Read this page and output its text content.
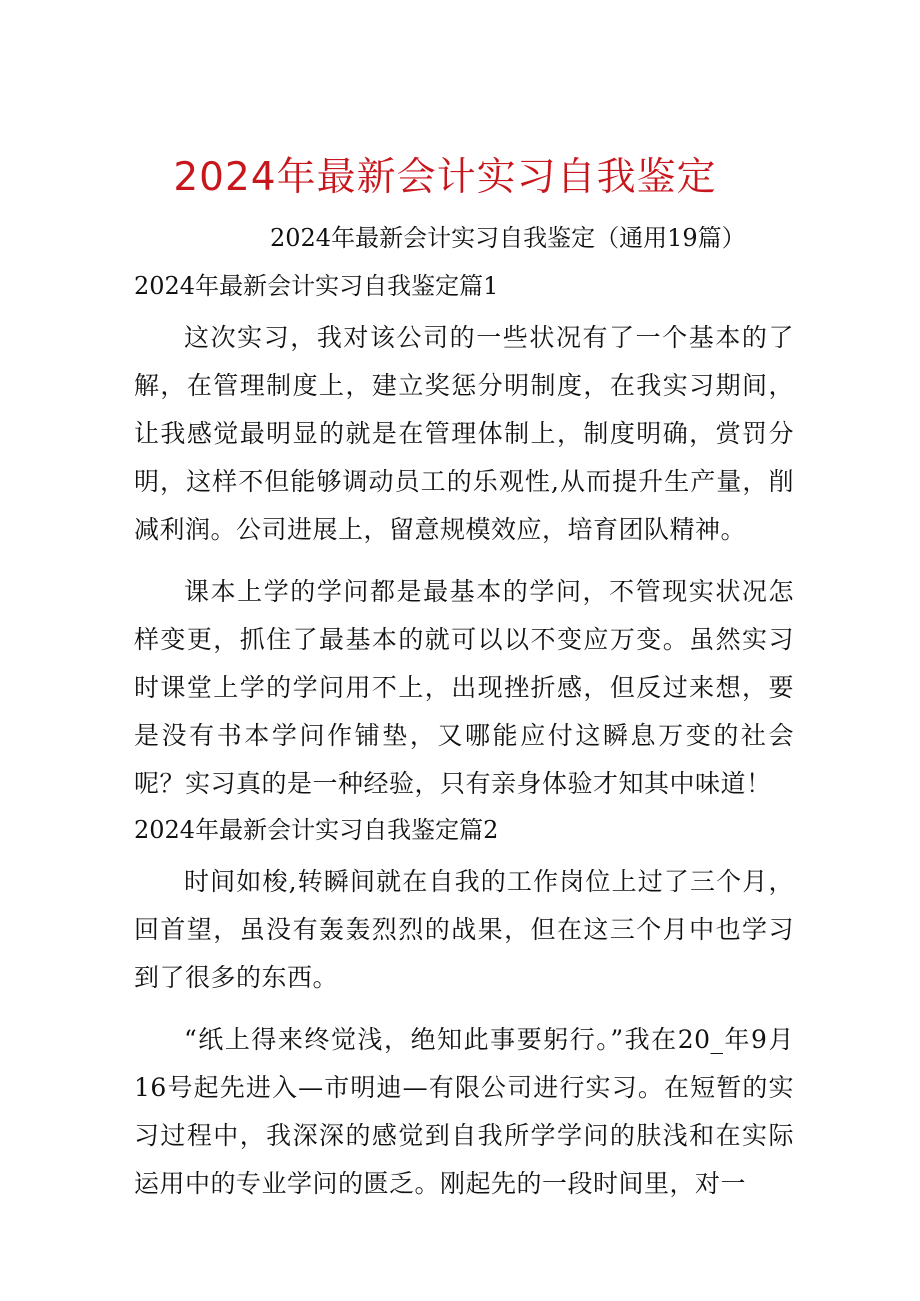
2024年最新会计实习自我鉴定

2024年最新会计实习自我鉴定（通用19篇）

2024年最新会计实习自我鉴定篇1

这次实习，我对该公司的一些状况有了一个基本的了解，在管理制度上，建立奖惩分明制度，在我实习期间，让我感觉最明显的就是在管理体制上，制度明确，赏罚分明，这样不但能够调动员工的乐观性,从而提升生产量，削减利润。公司进展上，留意规模效应，培育团队精神。

课本上学的学问都是最基本的学问，不管现实状况怎样变更，抓住了最基本的就可以以不变应万变。虽然实习时课堂上学的学问用不上，出现挫折感，但反过来想，要是没有书本学问作铺垫，又哪能应付这瞬息万变的社会呢？实习真的是一种经验，只有亲身体验才知其中味道！

2024年最新会计实习自我鉴定篇2

时间如梭,转瞬间就在自我的工作岗位上过了三个月，回首望，虽没有轰轰烈烈的战果，但在这三个月中也学习到了很多的东西。

“纸上得来终觉浅，绝知此事要躬行。”我在20_年9月16号起先进入—市明迪—有限公司进行实习。在短暂的实习过程中，我深深的感觉到自我所学学问的肤浅和在实际运用中的专业学问的匮乏。刚起先的一段时间里，对一
